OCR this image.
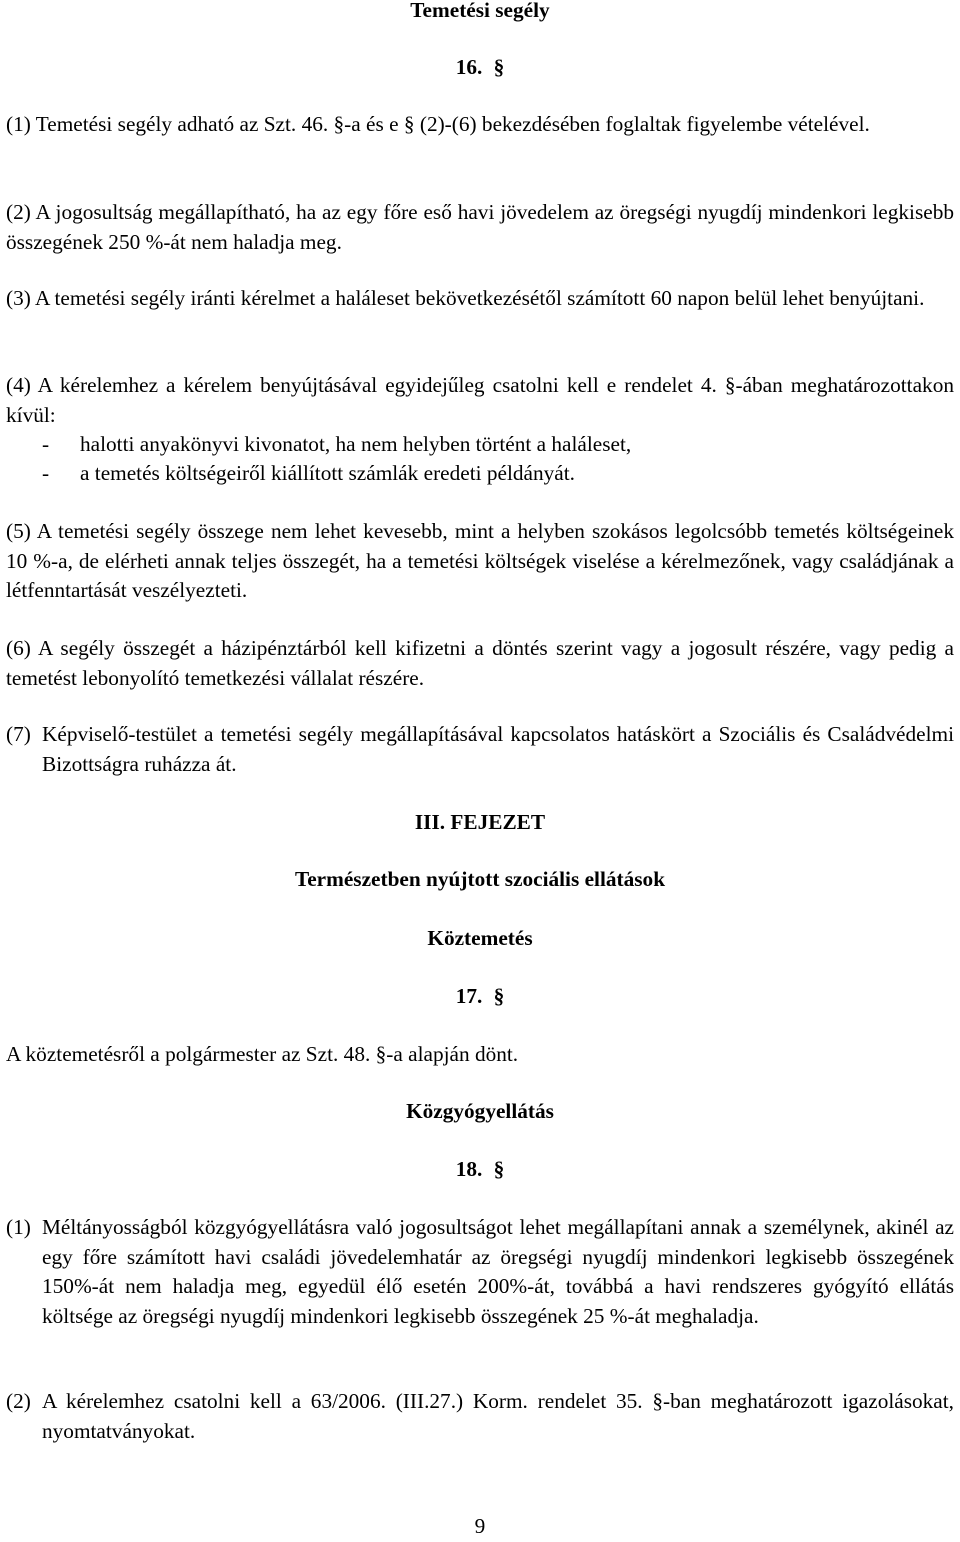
Temetési segély
16. §
(1) Temetési segély adható az Szt. 46. §-a és e § (2)-(6) bekezdésében foglaltak figyelembe vételével.
(2) A jogosultság megállapítható, ha az egy főre eső havi jövedelem az öregségi nyugdíj mindenkori legkisebb összegének 250 %-át nem haladja meg.
(3) A temetési segély iránti kérelmet a haláleset bekövetkezésétől számított 60 napon belül lehet benyújtani.
(4) A kérelemhez a kérelem benyújtásával egyidejűleg csatolni kell e rendelet 4. §-ában meghatározottakon kívül:
- halotti anyakönyvi kivonatot, ha nem helyben történt a haláleset,
- a temetés költségeiről kiállított számlák eredeti példányát.
(5) A temetési segély összege nem lehet kevesebb, mint a helyben szokásos legolcsóbb temetés költségeinek 10 %-a, de elérheti annak teljes összegét, ha a temetési költségek viselése a kérelmezőnek, vagy családjának a létfenntartását veszélyezteti.
(6) A segély összegét a házipénztárból kell kifizetni a döntés szerint vagy a jogosult részére, vagy pedig a temetést lebonyolító temetkezési vállalat részére.
(7) Képviselő-testület a temetési segély megállapításával kapcsolatos hatáskört a Szociális és Családvédelmi Bizottságra ruházza át.
III. FEJEZET
Természetben nyújtott szociális ellátások
Köztemetés
17. §
A köztemetésről a polgármester az Szt. 48. §-a alapján dönt.
Közgyógyellátás
18. §
(1) Méltányosságból közgyógyellátásra való jogosultságot lehet megállapítani annak a személynek, akinél az egy főre számított havi családi jövedelemhatár az öregségi nyugdíj mindenkori legkisebb összegének 150%-át nem haladja meg, egyedül élő esetén 200%-át, továbbá a havi rendszeres gyógyító ellátás költsége az öregségi nyugdíj mindenkori legkisebb összegének 25 %-át meghaladja.
(2) A kérelemhez csatolni kell a 63/2006. (III.27.) Korm. rendelet 35. §-ban meghatározott igazolásokat, nyomtatványokat.
9
